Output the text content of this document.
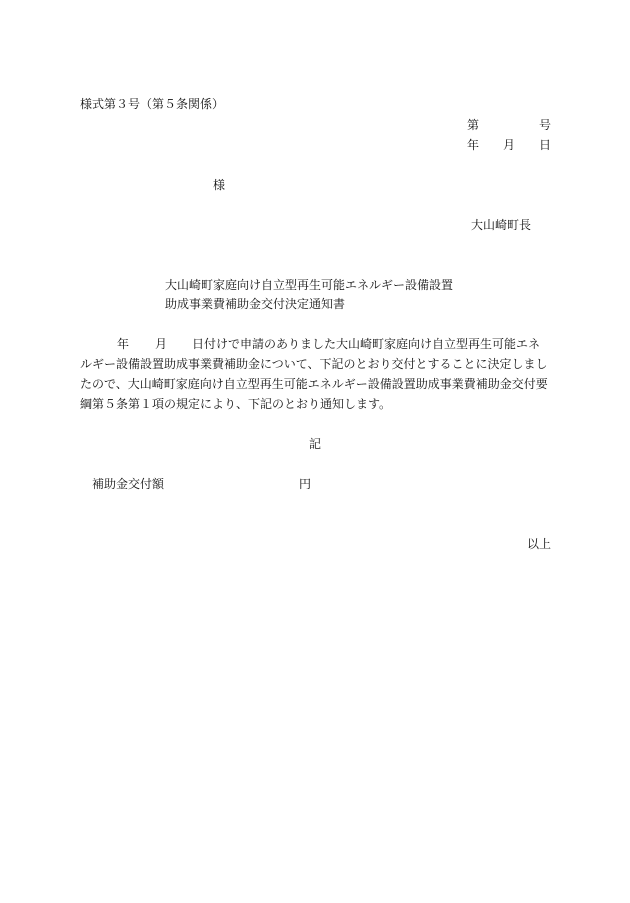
様式第３号（第５条関係）
第	号
年 月 日
様
大山崎町長
大山崎町家庭向け自立型再生可能エネルギー設備設置
助成事業費補助金交付決定通知書
年 月 日付けで申請のありました大山崎町家庭向け自立型再生可能エネ
ルギー設備設置助成事業費補助金について、下記のとおり交付とすることに決定しまし
たので、大山崎町家庭向け自立型再生可能エネルギー設備設置助成事業費補助金交付要
綱第５条第１項の規定により、下記のとおり通知します。
記
補助金交付額	円
以上
